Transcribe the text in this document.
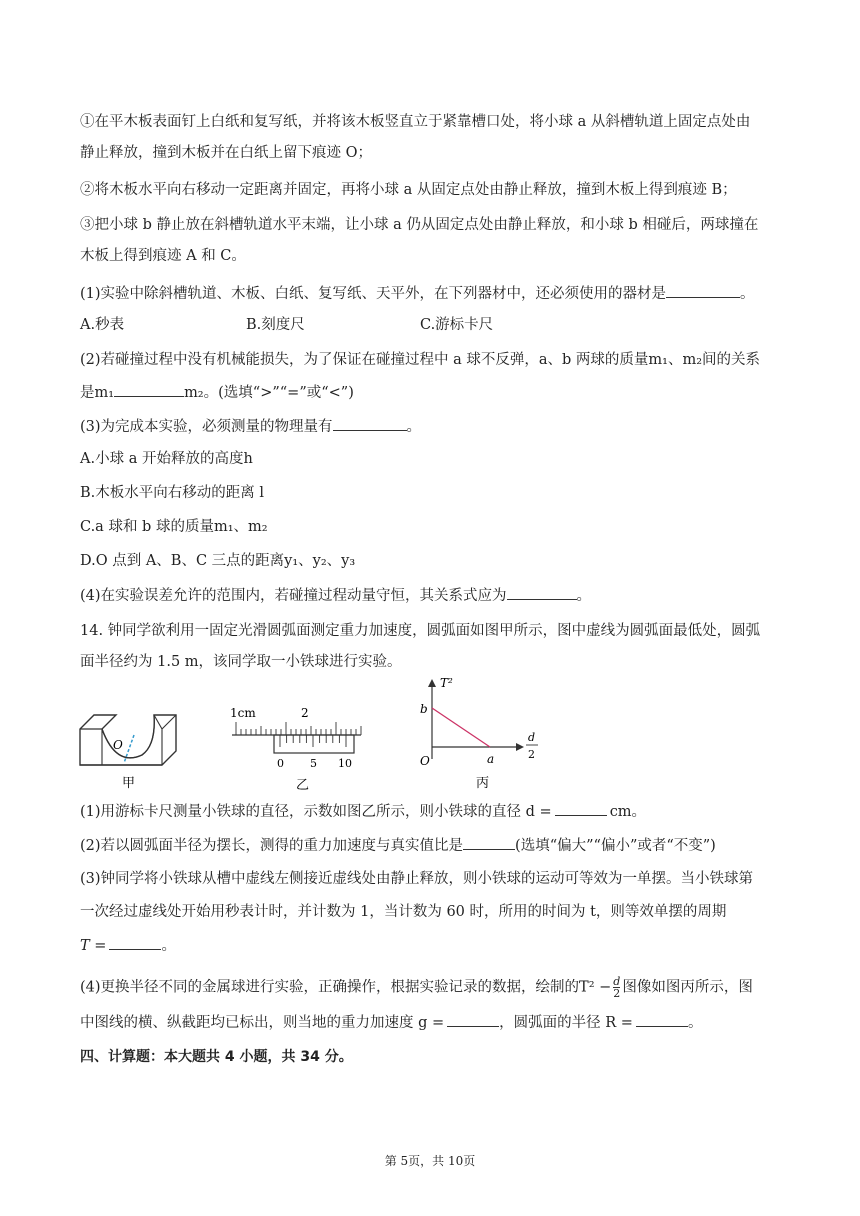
①在平木板表面钉上白纸和复写纸，并将该木板竖直立于紧靠槽口处，将小球 a 从斜槽轨道上固定点处由
静止释放，撞到木板并在白纸上留下痕迹 O；
②将木板水平向右移动一定距离并固定，再将小球 a 从固定点处由静止释放，撞到木板上得到痕迹 B；
③把小球 b 静止放在斜槽轨道水平末端，让小球 a 仍从固定点处由静止释放，和小球 b 相碰后，两球撞在
木板上得到痕迹 A 和 C。
(1)实验中除斜槽轨道、木板、白纸、复写纸、天平外，在下列器材中，还必须使用的器材是	。
A.秒表	B.刻度尺	C.游标卡尺
(2)若碰撞过程中没有机械能损失，为了保证在碰撞过程中 a 球不反弹，a、b 两球的质量m₁、m₂间的关系
是m₁	m₂。(选填“>”“=”或“<”)
(3)为完成本实验，必须测量的物理量有	。
A.小球 a 开始释放的高度h
B.木板水平向右移动的距离 l
C.a 球和 b 球的质量m₁、m₂
D.O 点到 A、B、C 三点的距离y₁、y₂、y₃
(4)在实验误差允许的范围内，若碰撞过程动量守恒，其关系式应为	。
14. 钟同学欲利用一固定光滑圆弧面测定重力加速度，圆弧面如图甲所示，图中虚线为圆弧面最低处，圆弧
面半径约为 1.5 m，该同学取一小铁球进行实验。
O
甲
1cm	2
0 5 10
乙
T²
b
O	a
d
2
丙
(1)用游标卡尺测量小铁球的直径，示数如图乙所示，则小铁球的直径 d =	cm。
(2)若以圆弧面半径为摆长，测得的重力加速度与真实值比是	(选填“偏大”“偏小”或者“不变”)
(3)钟同学将小铁球从槽中虚线左侧接近虚线处由静止释放，则小铁球的运动可等效为一单摆。当小铁球第
一次经过虚线处开始用秒表计时，并计数为 1，当计数为 60 时，所用的时间为 t，则等效单摆的周期
T =	。
(4)更换半径不同的金属球进行实验，正确操作，根据实验记录的数据，绘制的$T^2 - \frac{d}{2}$ 图像如图丙所示，图
中图线的横、纵截距均已标出，则当地的重力加速度 g =	，圆弧面的半径 R =	。
四、计算题：本大题共 4 小题，共 34 分。
第 5页，共 10页
